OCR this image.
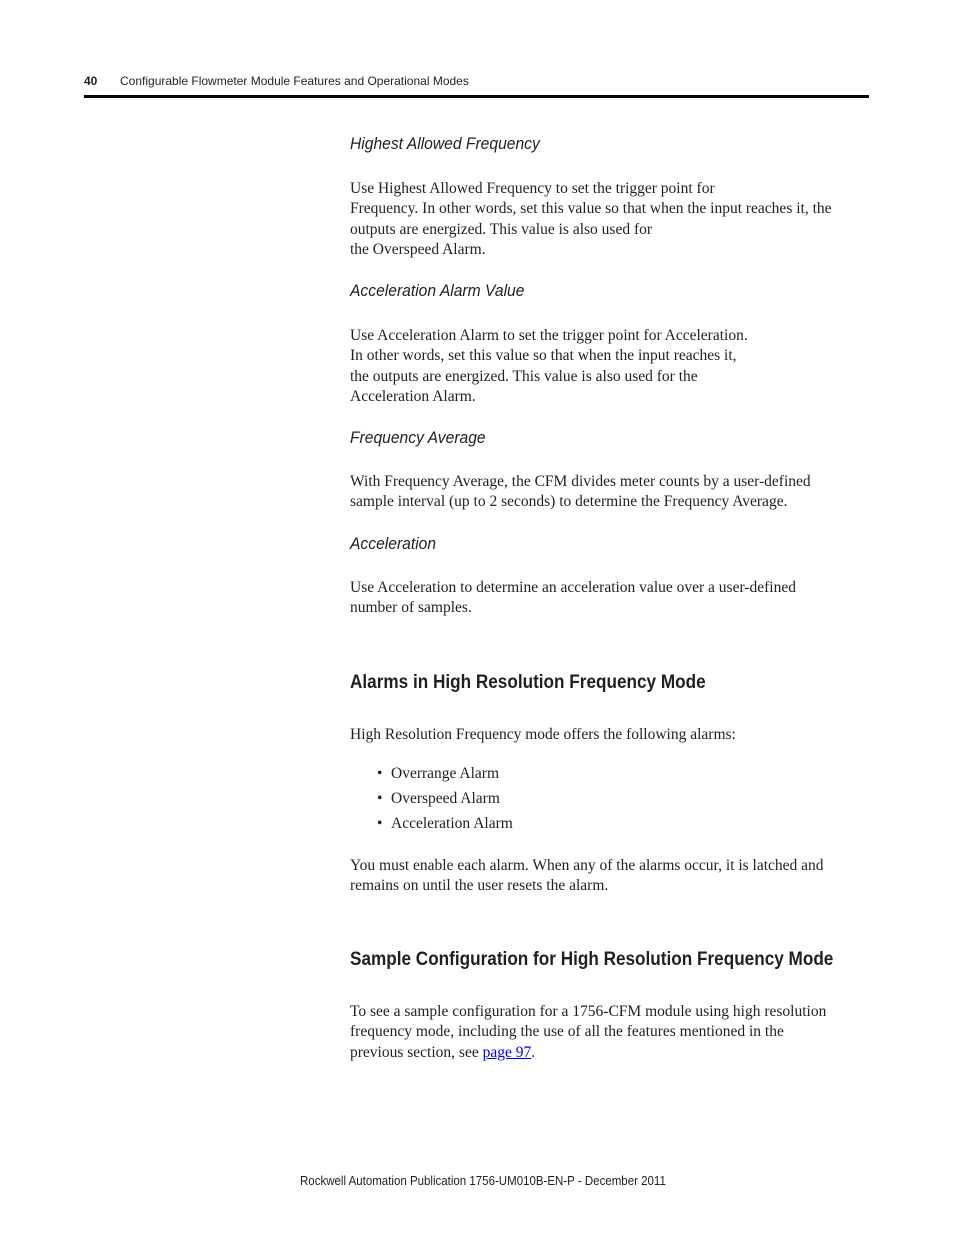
40 Configurable Flowmeter Module Features and Operational Modes
Highest Allowed Frequency

Use Highest Allowed Frequency to set the trigger point for
Frequency. In other words, set this value so that when the input reaches it, the
outputs are energized. This value is also used for
the Overspeed Alarm.

Acceleration Alarm Value

Use Acceleration Alarm to set the trigger point for Acceleration.
In other words, set this value so that when the input reaches it,
the outputs are energized. This value is also used for the
Acceleration Alarm.

Frequency Average

With Frequency Average, the CFM divides meter counts by a user-defined
sample interval (up to 2 seconds) to determine the Frequency Average.

Acceleration

Use Acceleration to determine an acceleration value over a user-defined
number of samples.

Alarms in High Resolution Frequency Mode

High Resolution Frequency mode offers the following alarms:

• Overrange Alarm
• Overspeed Alarm
• Acceleration Alarm

You must enable each alarm. When any of the alarms occur, it is latched and
remains on until the user resets the alarm.

Sample Configuration for High Resolution Frequency Mode

To see a sample configuration for a 1756-CFM module using high resolution
frequency mode, including the use of all the features mentioned in the
previous section, see page 97.

Rockwell Automation Publication 1756-UM010B-EN-P - December 2011
